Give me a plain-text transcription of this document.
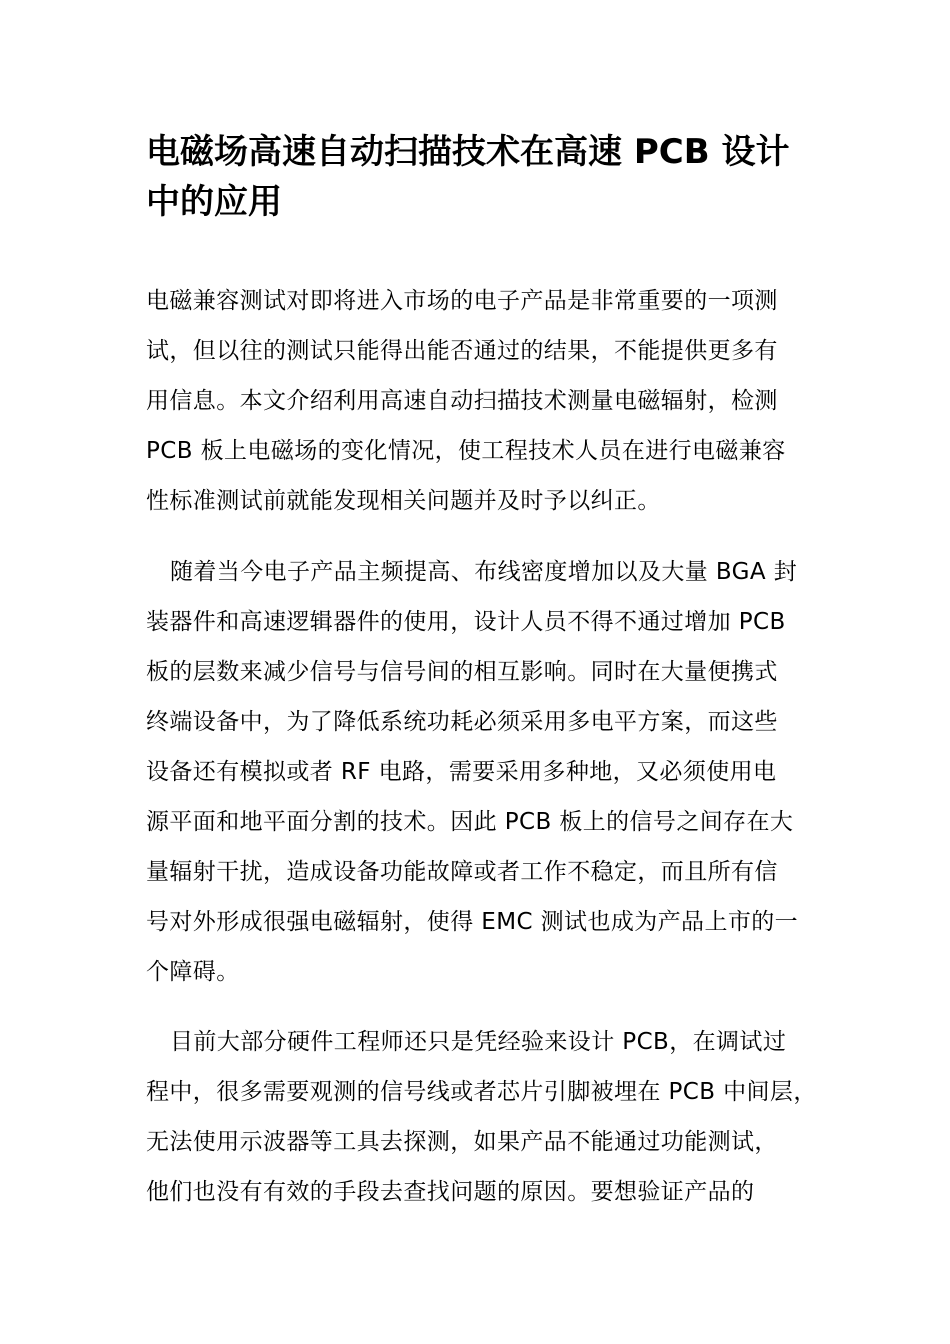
电磁场高速自动扫描技术在高速 PCB 设计
中的应用
电磁兼容测试对即将进入市场的电子产品是非常重要的一项测
试，但以往的测试只能得出能否通过的结果，不能提供更多有
用信息。本文介绍利用高速自动扫描技术测量电磁辐射，检测
PCB 板上电磁场的变化情况，使工程技术人员在进行电磁兼容
性标准测试前就能发现相关问题并及时予以纠正。
随着当今电子产品主频提高、布线密度增加以及大量 BGA 封
装器件和高速逻辑器件的使用，设计人员不得不通过增加 PCB
板的层数来减少信号与信号间的相互影响。同时在大量便携式
终端设备中，为了降低系统功耗必须采用多电平方案，而这些
设备还有模拟或者 RF 电路，需要采用多种地，又必须使用电
源平面和地平面分割的技术。因此 PCB 板上的信号之间存在大
量辐射干扰，造成设备功能故障或者工作不稳定，而且所有信
号对外形成很强电磁辐射，使得 EMC 测试也成为产品上市的一
个障碍。
目前大部分硬件工程师还只是凭经验来设计 PCB，在调试过
程中，很多需要观测的信号线或者芯片引脚被埋在 PCB 中间层，
无法使用示波器等工具去探测，如果产品不能通过功能测试，
他们也没有有效的手段去查找问题的原因。要想验证产品的
